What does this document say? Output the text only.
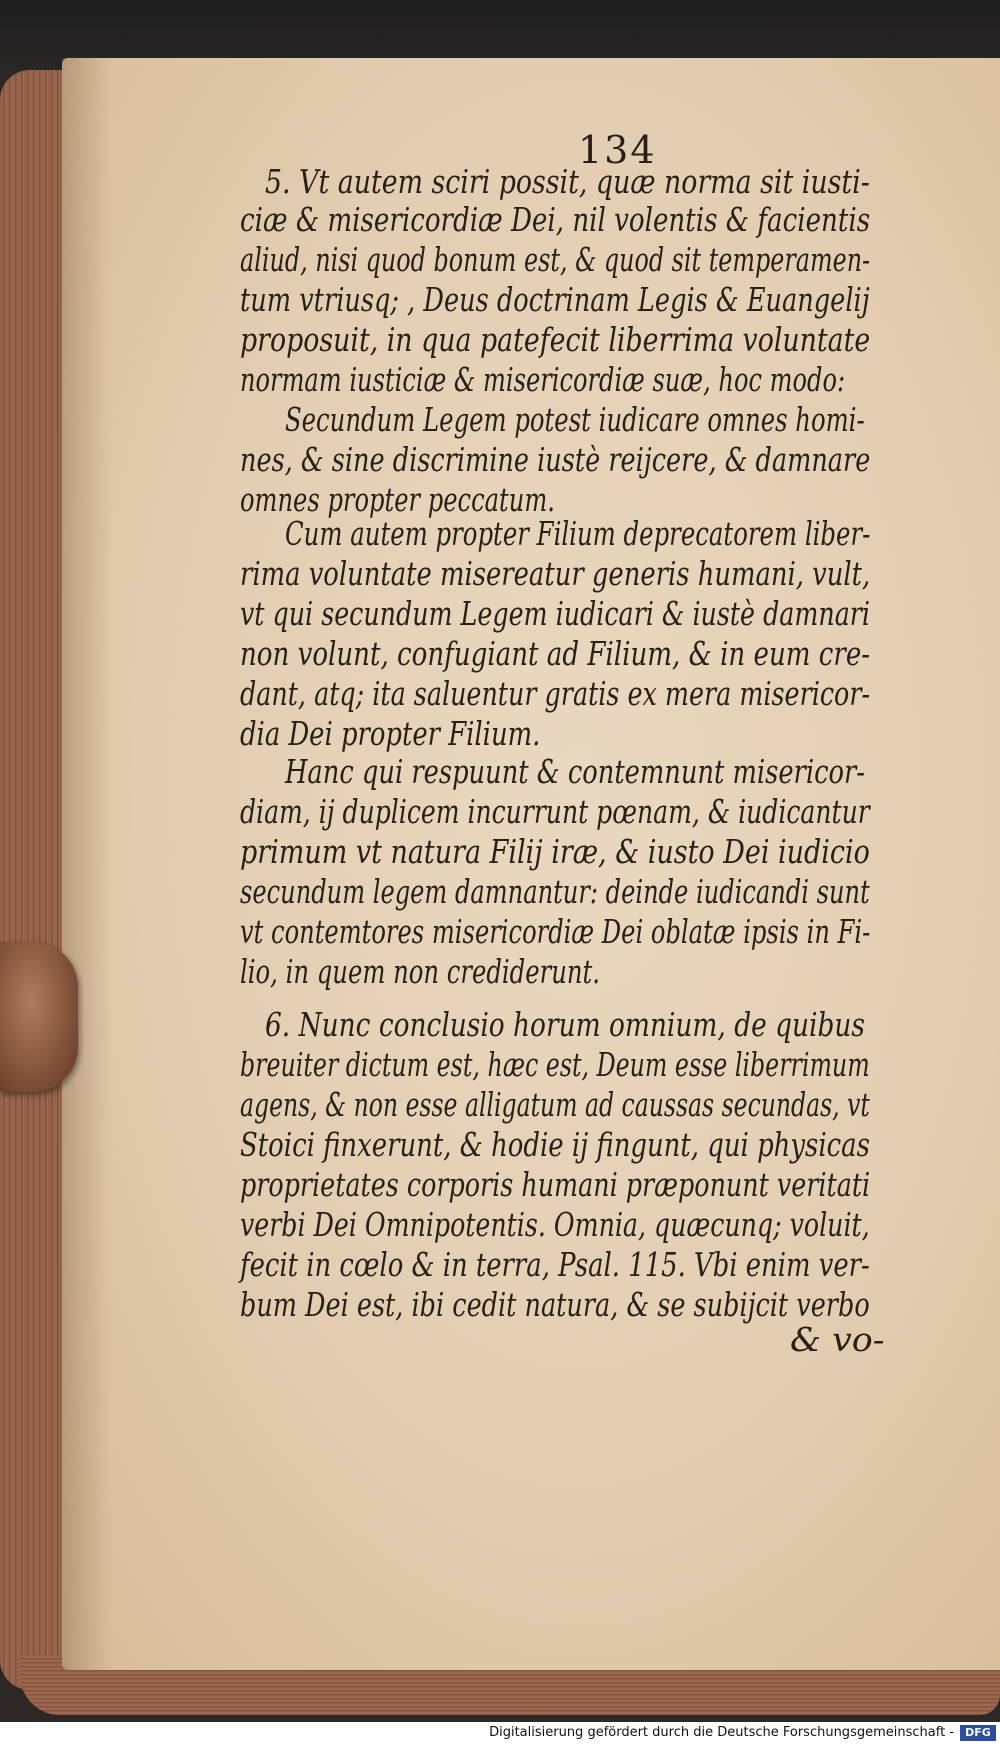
134
5. Vt autem sciri possit, quæ norma sit iusti-
ciæ & misericordiæ Dei, nil volentis & facientis
aliud, nisi quod bonum est, & quod sit temperamen-
tum vtriusq; , Deus doctrinam Legis & Euangelij
proposuit, in qua patefecit liberrima voluntate
normam iusticiæ & misericordiæ suæ, hoc modo:
Secundum Legem potest iudicare omnes homi-
nes, & sine discrimine iustè reijcere, & damnare
omnes propter peccatum.
Cum autem propter Filium deprecatorem liber-
rima voluntate misereatur generis humani, vult,
vt qui secundum Legem iudicari & iustè damnari
non volunt, confugiant ad Filium, & in eum cre-
dant, atq; ita saluentur gratis ex mera misericor-
dia Dei propter Filium.
Hanc qui respuunt & contemnunt misericor-
diam, ij duplicem incurrunt pœnam, & iudicantur
primum vt natura Filij iræ, & iusto Dei iudicio
secundum legem damnantur: deinde iudicandi sunt
vt contemtores misericordiæ Dei oblatæ ipsis in Fi-
lio, in quem non crediderunt.
6. Nunc conclusio horum omnium, de quibus
breuiter dictum est, hæc est, Deum esse liberrimum
agens, & non esse alligatum ad caussas secundas, vt
Stoici finxerunt, & hodie ij fingunt, qui physicas
proprietates corporis humani præponunt veritati
verbi Dei Omnipotentis. Omnia, quæcunq; voluit,
fecit in cœlo & in terra, Psal. 115. Vbi enim ver-
bum Dei est, ibi cedit natura, & se subijcit verbo
& vo-
Digitalisierung gefördert durch die Deutsche Forschungsgemeinschaft -	DFG
